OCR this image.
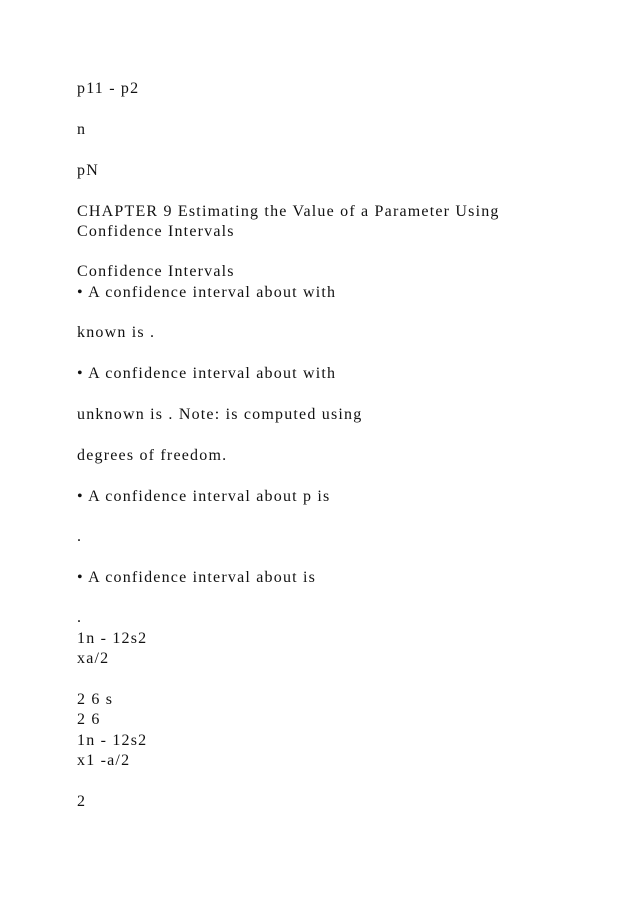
p11 - p2

n

pN

CHAPTER 9 Estimating the Value of a Parameter Using

Confidence Intervals

Confidence Intervals

• A confidence interval about with

known is .

• A confidence interval about with

unknown is . Note: is computed using

degrees of freedom.

• A confidence interval about p is

.

• A confidence interval about is

.

1n - 12s2

xa/2

2 6 s

2 6

1n - 12s2

x1 -a/2

2
